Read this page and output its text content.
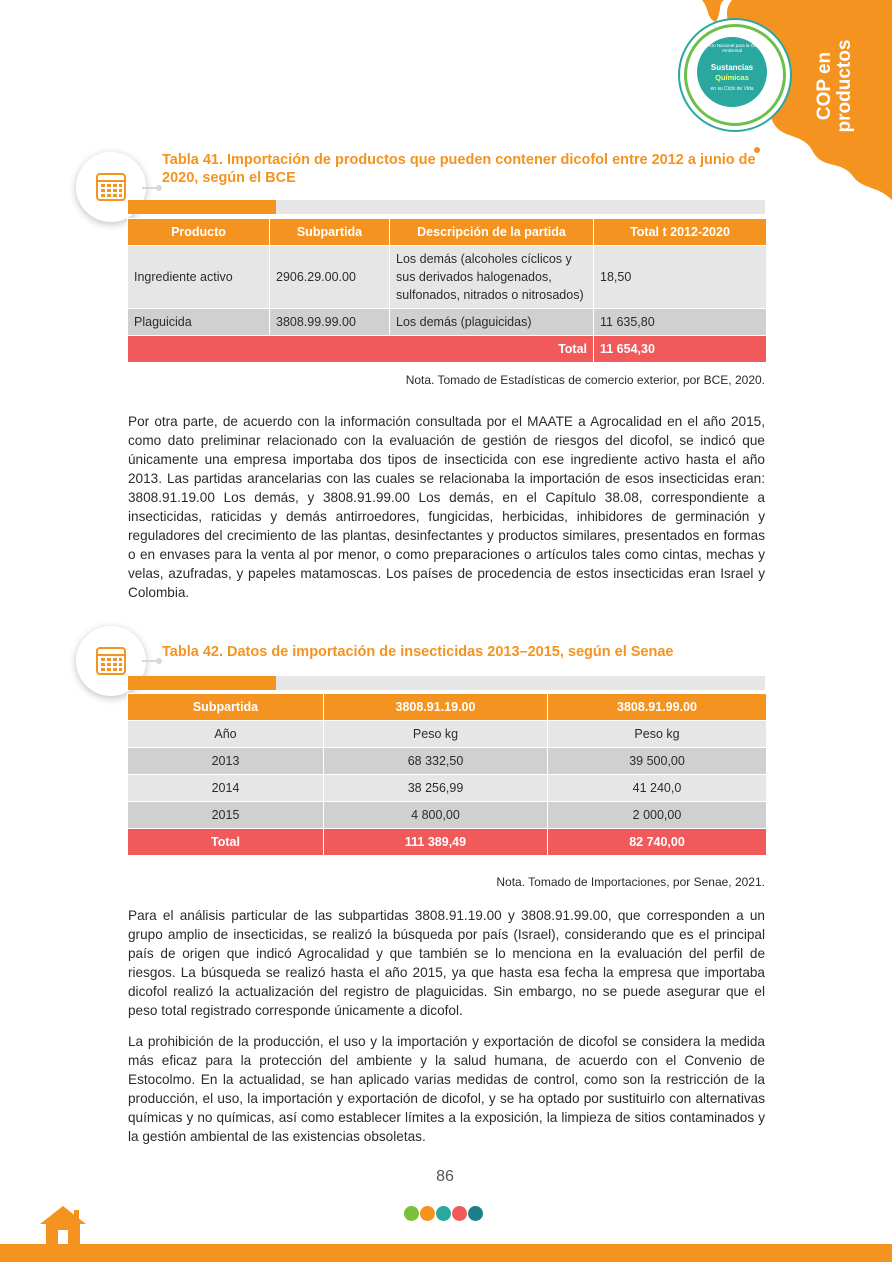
Proyecto Nacional para la Gestión Ambiental
Sustancias
Químicas
en su Ciclo de Vida	COP en productos
Tabla 41. Importación de productos que pueden contener dicofol entre 2012 a junio de 2020, según el BCE
Producto	Subpartida	Descripción de la partida	Total t 2012-2020
Ingrediente activo	2906.29.00.00	Los demás (alcoholes cíclicos y sus derivados halogenados, sulfonados, nitrados o nitrosados)	18,50
Plaguicida	3808.99.99.00	Los demás (plaguicidas)	11 635,80
Total			11 654,30
Nota. Tomado de Estadísticas de comercio exterior, por BCE, 2020.
Por otra parte, de acuerdo con la información consultada por el MAATE a Agrocalidad en el año 2015, como dato preliminar relacionado con la evaluación de gestión de riesgos del dicofol, se indicó que únicamente una empresa importaba dos tipos de insecticida con ese ingrediente activo hasta el año 2013. Las partidas arancelarias con las cuales se relacionaba la importación de esos insecticidas eran: 3808.91.19.00 Los demás, y 3808.91.99.00 Los demás, en el Capítulo 38.08, correspondiente a insecticidas, raticidas y demás antirroedores, fungicidas, herbicidas, inhibidores de germinación y reguladores del crecimiento de las plantas, desinfectantes y productos similares, presentados en formas o en envases para la venta al por menor, o como preparaciones o artículos tales como cintas, mechas y velas, azufradas, y papeles matamoscas. Los países de procedencia de estos insecticidas eran Israel y Colombia.
Tabla 42. Datos de importación de insecticidas 2013–2015, según el Senae
Subpartida	3808.91.19.00	3808.91.99.00
Año	Peso kg	Peso kg
2013	68 332,50	39 500,00
2014	38 256,99	41 240,0
2015	4 800,00	2 000,00
Total	111 389,49	82 740,00
Nota. Tomado de Importaciones, por Senae, 2021.
Para el análisis particular de las subpartidas 3808.91.19.00 y 3808.91.99.00, que corresponden a un grupo amplio de insecticidas, se realizó la búsqueda por país (Israel), considerando que es el principal país de origen que indicó Agrocalidad y que también se lo menciona en la evaluación del perfil de riesgos. La búsqueda se realizó hasta el año 2015, ya que hasta esa fecha la empresa que importaba dicofol realizó la actualización del registro de plaguicidas. Sin embargo, no se puede asegurar que el peso total registrado corresponde únicamente a dicofol.
La prohibición de la producción, el uso y la importación y exportación de dicofol se considera la medida más eficaz para la protección del ambiente y la salud humana, de acuerdo con el Convenio de Estocolmo. En la actualidad, se han aplicado varias medidas de control, como son la restricción de la producción, el uso, la importación y exportación de dicofol, y se ha optado por sustituirlo con alternativas químicas y no químicas, así como establecer límites a la exposición, la limpieza de sitios contaminados y la gestión ambiental de las existencias obsoletas.
86
